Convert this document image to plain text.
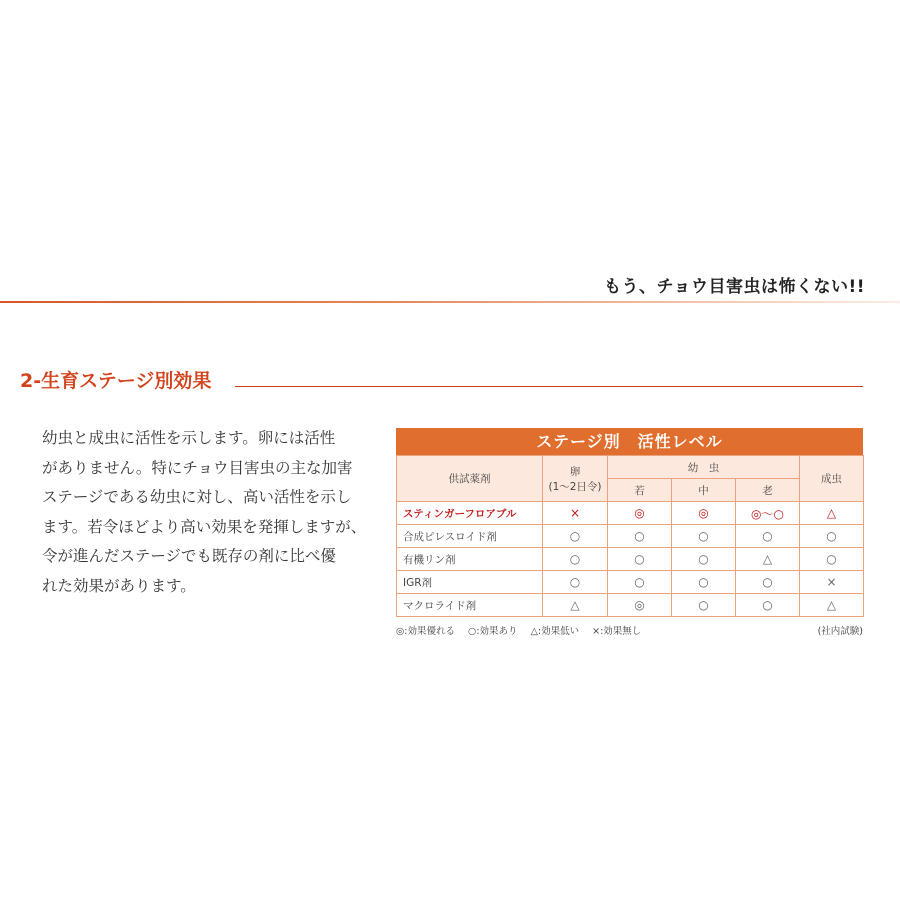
もう、チョウ目害虫は怖くない!!
2-生育ステージ別効果
幼虫と成虫に活性を示します。卵には活性
がありません。特にチョウ目害虫の主な加害
ステージである幼虫に対し、高い活性を示し
ます。若令ほどより高い効果を発揮しますが、
令が進んだステージでも既存の剤に比べ優
れた効果があります。
ステージ別　活性レベル
供試薬剤	卵
(1〜2日令)	幼　虫			成虫
		若	中	老	
スティンガーフロアブル	×	◎	◎	◎〜○	△
合成ピレスロイド剤	○	○	○	○	○
有機リン剤	○	○	○	△	○
IGR剤	○	○	○	○	×
マクロライド剤	△	◎	○	○	△
◎:効果優れる ○:効果あり △:効果低い ×:効果無し	(社内試験)
